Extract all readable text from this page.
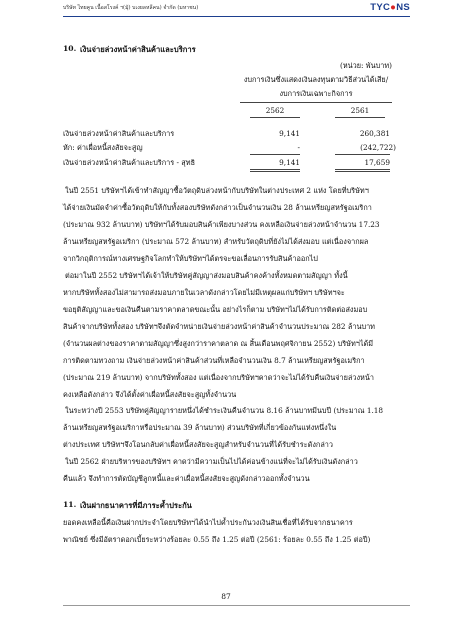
บริษัท ไทยคูน เนื้อสโรงค์ ฯ(มุ้) บเงยลหลีคน) จำกัด (มหาชน)	TYC●NS
10. เงินจ่ายล่วงหน้าค่าสินค้าและบริการ
(หน่วย: พันบาท)
งบการเงินซึ่งแสดงเงินลงทุนตามวิธีส่วนได้เสีย/
งบการเงินเฉพาะกิจการ
2562	2561
เงินจ่ายล่วงหน้าค่าสินค้าและบริการ	9,141	260,381
หัก: ค่าเผื่อหนี้สงสัยจะสูญ	-	(242,722)
เงินจ่ายล่วงหน้าค่าสินค้าและบริการ - สุทธิ	9,141	17,659
ในปี 2551 บริษัทฯได้เข้าทำสัญญาซื้อวัตถุดิบล่วงหน้ากับบริษัทในต่างประเทศ 2 แห่ง โดยที่บริษัทฯ
ได้จ่ายเงินมัดจำค่าซื้อวัตถุดิบให้กับทั้งสองบริษัทดังกล่าวเป็นจำนวนเงิน 28 ล้านเหรียญสหรัฐอเมริกา
(ประมาณ 932 ล้านบาท) บริษัทฯได้รับมอบสินค้าเพียงบางส่วน คงเหลือเงินจ่ายล่วงหน้าจำนวน 17.23
ล้านเหรียญสหรัฐอเมริกา (ประมาณ 572 ล้านบาท) สำหรับวัตถุดิบที่ยังไม่ได้ส่งมอบ แต่เนื่องจากผล
จากวิกฤติการณ์ทางเศรษฐกิจโลกทำให้บริษัทฯได้ตรจะขอเลื่อนการรับสินค้าออกไป
ต่อมาในปี 2552 บริษัทฯได้เจ้าให้บริษัทคู่สัญญาส่งมอบสินค้าคงค้างทั้งหมดตามสัญญา ทั้งนี้
หากบริษัททั้งสองไม่สามารถส่งมอบภายในเวลาดังกล่าวโดยไม่มีเหตุผลแก่บริษัทฯ บริษัทฯจะ
ขอยุติสัญญาและขอเงินคืนตามราคาตลาดขณะนั้น อย่างไรก็ตาม บริษัทฯไม่ได้รับการติดต่อส่งมอบ
สินค้าจากบริษัททั้งสอง บริษัทฯจึงตัดจำหน่ายเงินจ่ายล่วงหน้าค่าสินค้าจำนวนประมาณ 282 ล้านบาท
(จำนวนผลต่างของราคาตามสัญญาซึ่งสูงกว่าราคาตลาด ณ สิ้นเดือนพฤศจิกายน 2552) บริษัทฯได้มี
การติดตามทวงถาม เงินจ่ายล่วงหน้าค่าสินค้าส่วนที่เหลือจำนวนเงิน 8.7 ล้านเหรียญสหรัฐอเมริกา
(ประมาณ 219 ล้านบาท) จากบริษัททั้งสอง แต่เนื่องจากบริษัทฯคาดว่าจะไม่ได้รับคืนเงินจ่ายล่วงหน้า
คงเหลือดังกล่าว จึงได้ตั้งค่าเผื่อหนี้สงสัยจะสูญทั้งจำนวน
ในระหว่างปี 2553 บริษัทคู่สัญญารายหนึ่งได้ชำระเงินคืนจำนวน 8.16 ล้านบาทมีนบปี (ประมาณ 1.18
ล้านเหรียญสหรัฐอเมริกาหรือประมาณ 39 ล้านบาท) ส่วนบริษัทที่เกี่ยวข้องกันแห่งหนึ่งใน
ต่างประเทศ บริษัทฯจึงโอนกลับค่าเผื่อหนี้สงสัยจะสูญสำหรับจำนวนที่ได้รับชำระดังกล่าว
ในปี 2562 ฝ่ายบริหารของบริษัทฯ คาดว่ามีความเป็นไปได้ค่อนข้างแน่ที่จะไม่ได้รับเงินดังกล่าว
คืนแล้ว จึงทำการตัดบัญชีลูกหนี้และค่าเผื่อหนี้สงสัยจะสูญดังกล่าวออกทั้งจำนวน
11. เงินฝากธนาคารที่มีภาระค้ำประกัน
ยอดคงเหลือนี้คือเงินฝากประจำโดยบริษัทฯได้นำไปค้ำประกันวงเงินสินเชื่อที่ได้รับจากธนาคาร
พาณิชย์ ซึ่งมีอัตราดอกเบี้ยระหว่างร้อยละ 0.55 ถึง 1.25 ต่อปี (2561: ร้อยละ 0.55 ถึง 1.25 ต่อปี)
87
